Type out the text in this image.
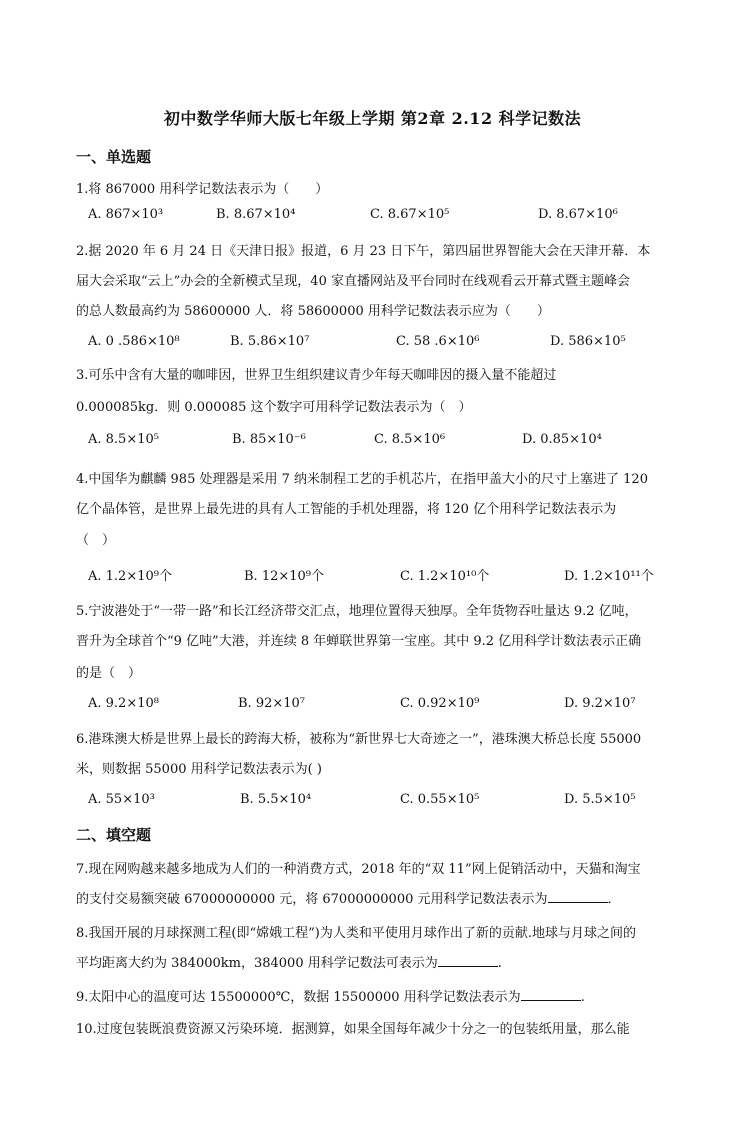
初中数学华师大版七年级上学期 第2章 2.12 科学记数法
一、单选题
1.将 867000 用科学记数法表示为（　　）
A. 867×10³	B. 8.67×10⁴	C. 8.67×10⁵	D. 8.67×10⁶
2.据 2020 年 6 月 24 日《天津日报》报道，6 月 23 日下午，第四届世界智能大会在天津开幕．本
届大会采取“云上”办会的全新模式呈现，40 家直播网站及平台同时在线观看云开幕式暨主题峰会
的总人数最高约为 58600000 人．将 58600000 用科学记数法表示应为（　　）
A. 0 .586×10⁸	B. 5.86×10⁷	C. 58 .6×10⁶	D. 586×10⁵
3.可乐中含有大量的咖啡因，世界卫生组织建议青少年每天咖啡因的摄入量不能超过
0.000085kg．则 0.000085 这个数字可用科学记数法表示为（　）
A. 8.5×10⁵	B. 85×10⁻⁶	C. 8.5×10⁶	D. 0.85×10⁴
4.中国华为麒麟 985 处理器是采用 7 纳米制程工艺的手机芯片，在指甲盖大小的尺寸上塞进了 120
亿个晶体管，是世界上最先进的具有人工智能的手机处理器，将 120 亿个用科学记数法表示为
（　）
A. 1.2×10⁹个	B. 12×10⁹个	C. 1.2×10¹⁰个	D. 1.2×10¹¹个
5.宁波港处于“一带一路”和长江经济带交汇点，地理位置得天独厚。全年货物吞吐量达 9.2 亿吨，
晋升为全球首个“9 亿吨”大港，并连续 8 年蝉联世界第一宝座。其中 9.2 亿用科学计数法表示正确
的是（　）
A. 9.2×10⁸	B. 92×10⁷	C. 0.92×10⁹	D. 9.2×10⁷
6.港珠澳大桥是世界上最长的跨海大桥，被称为“新世界七大奇迹之一”，港珠澳大桥总长度 55000
米，则数据 55000 用科学记数法表示为( )
A. 55×10³	B. 5.5×10⁴	C. 0.55×10⁵	D. 5.5×10⁵
二、填空题
7.现在网购越来越多地成为人们的一种消费方式，2018 年的“双 11”网上促销活动中，天猫和淘宝
的支付交易额突破 67000000000 元，将 67000000000 元用科学记数法表示为	．
8.我国开展的月球探测工程(即“嫦娥工程”)为人类和平使用月球作出了新的贡献.地球与月球之间的
平均距离大约为 384000km，384000 用科学记数法可表示为	.
9.太阳中心的温度可达 15500000℃，数据 15500000 用科学记数法表示为	.
10.过度包装既浪费资源又污染环境．据测算，如果全国每年减少十分之一的包装纸用量，那么能
